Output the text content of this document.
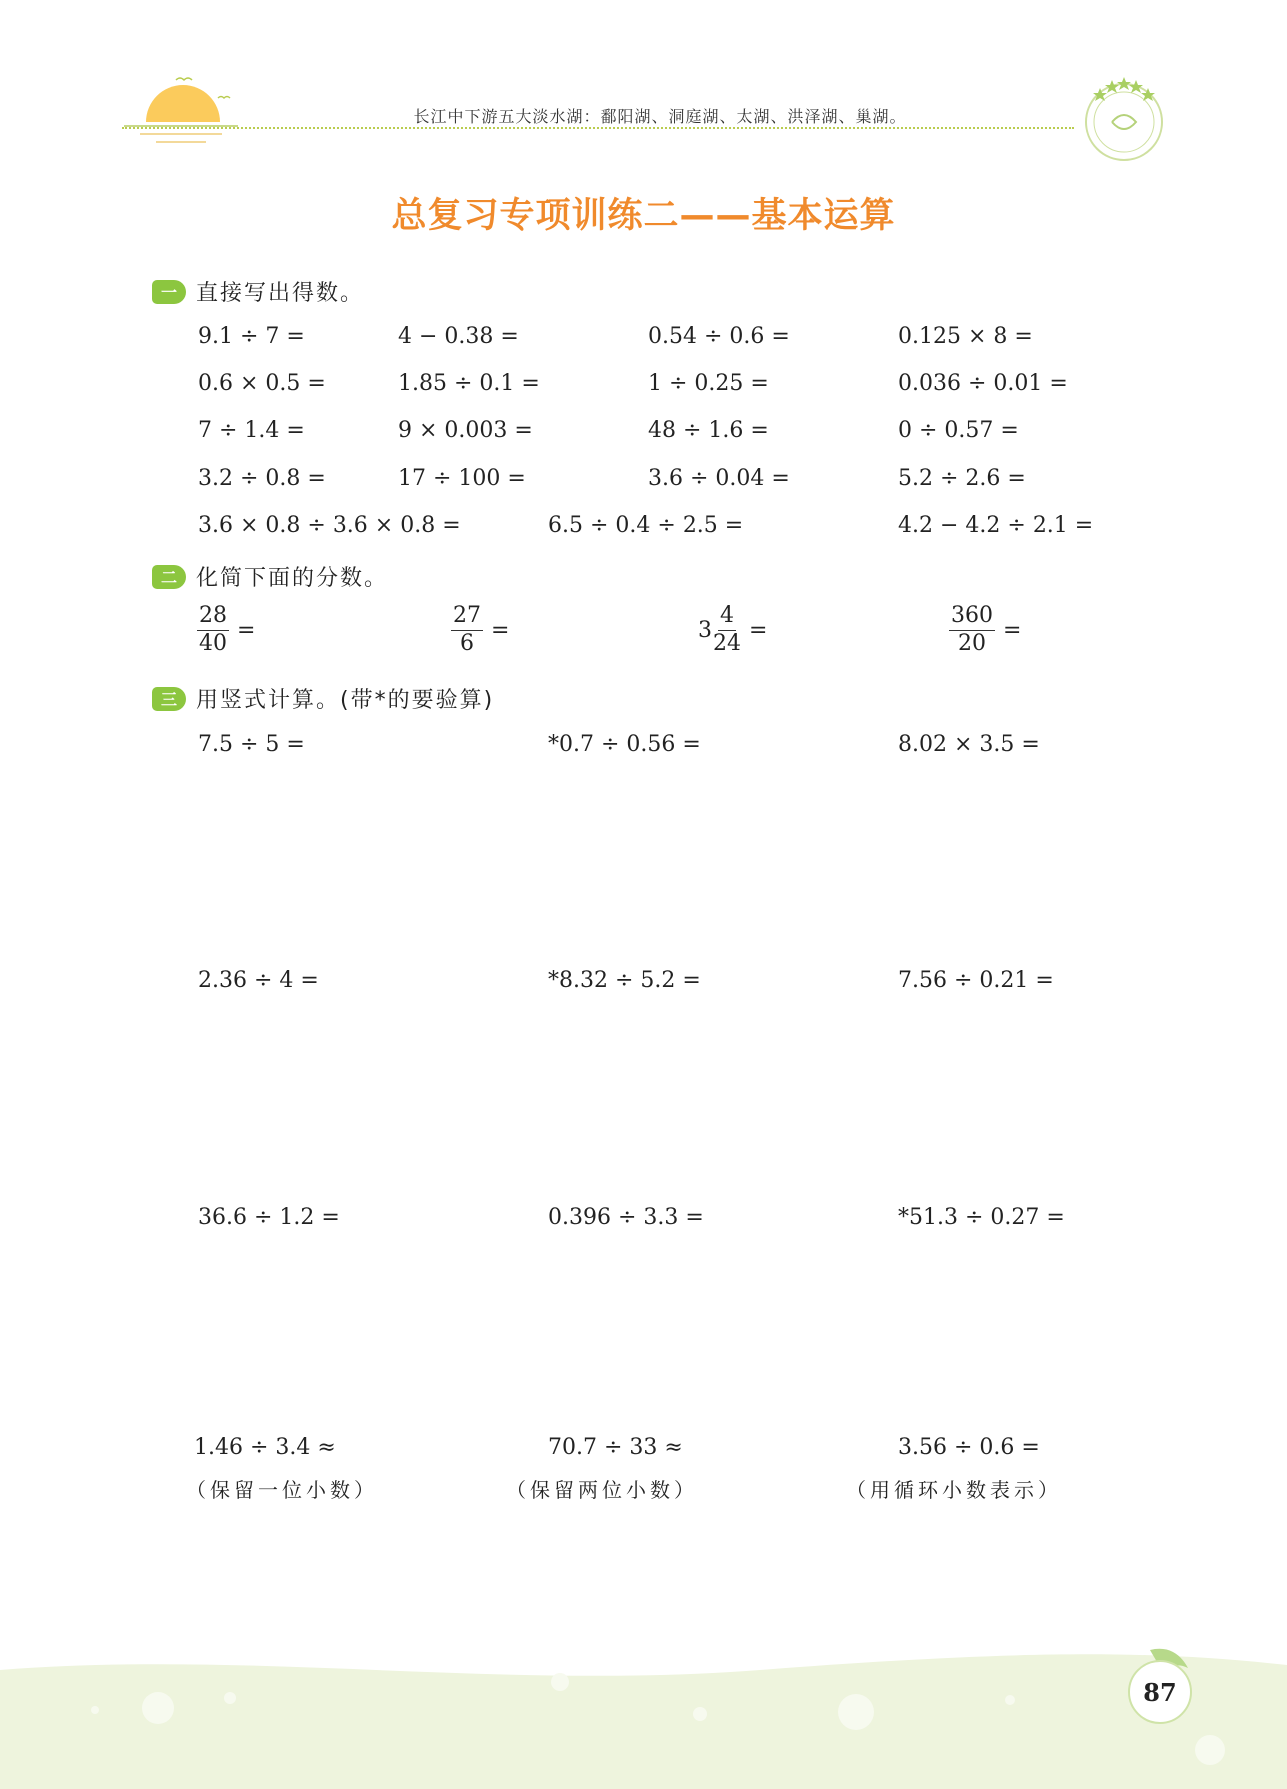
长江中下游五大淡水湖：鄱阳湖、洞庭湖、太湖、洪泽湖、巢湖。
总复习专项训练二——基本运算
一 直接写出得数。
9.1 ÷ 7 =	4 − 0.38 =	0.54 ÷ 0.6 =	0.125 × 8 =
0.6 × 0.5 =	1.85 ÷ 0.1 =	1 ÷ 0.25 =	0.036 ÷ 0.01 =
7 ÷ 1.4 =	9 × 0.003 =	48 ÷ 1.6 =	0 ÷ 0.57 =
3.2 ÷ 0.8 =	17 ÷ 100 =	3.6 ÷ 0.04 =	5.2 ÷ 2.6 =
3.6 × 0.8 ÷ 3.6 × 0.8 =	6.5 ÷ 0.4 ÷ 2.5 =	4.2 − 4.2 ÷ 2.1 =
二 化简下面的分数。
$\frac{28}{40}$ =	$\frac{27}{6}$ =	$3 \frac{4}{24}$ =	$\frac{360}{20}$ =
三 用竖式计算。(带*的要验算)
7.5 ÷ 5 =	*0.7 ÷ 0.56 =	8.02 × 3.5 =
2.36 ÷ 4 =	*8.32 ÷ 5.2 =	7.56 ÷ 0.21 =
36.6 ÷ 1.2 =	0.396 ÷ 3.3 =	*51.3 ÷ 0.27 =
1.46 ÷ 3.4 ≈	70.7 ÷ 33 ≈	3.56 ÷ 0.6 =
（保留一位小数）	（保留两位小数）	（用循环小数表示）
87
